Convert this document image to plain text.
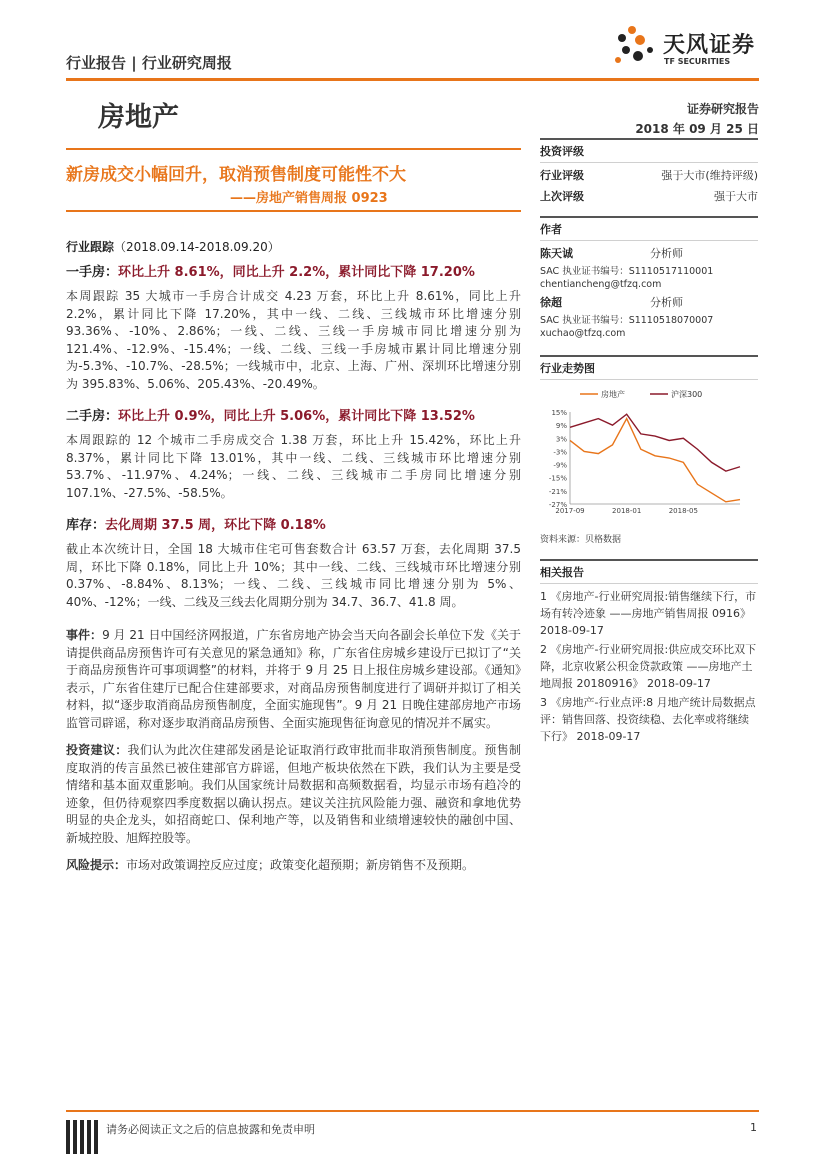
行业报告 | 行业研究周报
天风证券
TF SECURITIES
房地产	证券研究报告
2018 年 09 月 25 日
新房成交小幅回升，取消预售制度可能性不大
——房地产销售周报 0923
行业跟踪（2018.09.14-2018.09.20）
一手房：环比上升 8.61%，同比上升 2.2%，累计同比下降 17.20%
本周跟踪 35 大城市一手房合计成交 4.23 万套，环比上升 8.61%，同比上升 2.2%，累计同比下降 17.20%，其中一线、二线、三线城市环比增速分别 93.36%、-10%、2.86%；一线、二线、三线一手房城市同比增速分别为 121.4%、-12.9%、-15.4%；一线、二线、三线一手房城市累计同比增速分别为-5.3%、-10.7%、-28.5%；一线城市中，北京、上海、广州、深圳环比增速分别为 395.83%、5.06%、205.43%、-20.49%。
二手房：环比上升 0.9%，同比上升 5.06%，累计同比下降 13.52%
本周跟踪的 12 个城市二手房成交合 1.38 万套，环比上升 15.42%，环比上升 8.37%，累计同比下降 13.01%，其中一线、二线、三线城市环比增速分别 53.7%、-11.97%、4.24%；一线、二线、三线城市二手房同比增速分别 107.1%、-27.5%、-58.5%。
库存：去化周期 37.5 周，环比下降 0.18%
截止本次统计日，全国 18 大城市住宅可售套数合计 63.57 万套，去化周期 37.5 周，环比下降 0.18%，同比上升 10%；其中一线、二线、三线城市环比增速分别 0.37%、-8.84%、8.13%；一线、二线、三线城市同比增速分别为 5%、40%、-12%；一线、二线及三线去化周期分别为 34.7、36.7、41.8 周。
事件：9 月 21 日中国经济网报道，广东省房地产协会当天向各副会长单位下发《关于请提供商品房预售许可有关意见的紧急通知》称，广东省住房城乡建设厅已拟订了“关于商品房预售许可事项调整”的材料，并将于 9 月 25 日上报住房城乡建设部。《通知》表示，广东省住建厅已配合住建部要求，对商品房预售制度进行了调研并拟订了相关材料，拟“逐步取消商品房预售制度，全面实施现售”。9 月 21 日晚住建部房地产市场监管司辟谣，称对逐步取消商品房预售、全面实施现售征询意见的情况并不属实。
投资建议：我们认为此次住建部发函是论证取消行政审批而非取消预售制度。预售制度取消的传言虽然已被住建部官方辟谣，但地产板块依然在下跌，我们认为主要是受情绪和基本面双重影响。我们从国家统计局数据和高频数据看，均显示市场有趋冷的迹象，但仍待观察四季度数据以确认拐点。建议关注抗风险能力强、融资和拿地优势明显的央企龙头，如招商蛇口、保利地产等，以及销售和业绩增速较快的融创中国、新城控股、旭辉控股等。
风险提示：市场对政策调控反应过度；政策变化超预期；新房销售不及预期。
投资评级
行业评级	强于大市(维持评级)
上次评级	强于大市
作者
陈天诚	分析师
SAC 执业证书编号：S1110517110001
chentiancheng@tfzq.com
徐超	分析师
SAC 执业证书编号：S1110518070007
xuchao@tfzq.com
行业走势图
15%
9%
3%
-3%
-9%
-15%
-21%
-27%
2017-09	2018-01	2018-05
房地产	沪深300
资料来源：贝格数据
相关报告
1 《房地产-行业研究周报:销售继续下行，市场有转冷迹象 ——房地产销售周报 0916》 2018-09-17
2 《房地产-行业研究周报:供应成交环比双下降，北京收紧公积金贷款政策 ——房地产土地周报 20180916》 2018-09-17
3 《房地产-行业点评:8 月地产统计局数据点评：销售回落、投资续稳、去化率或将继续下行》 2018-09-17
请务必阅读正文之后的信息披露和免责申明	1
